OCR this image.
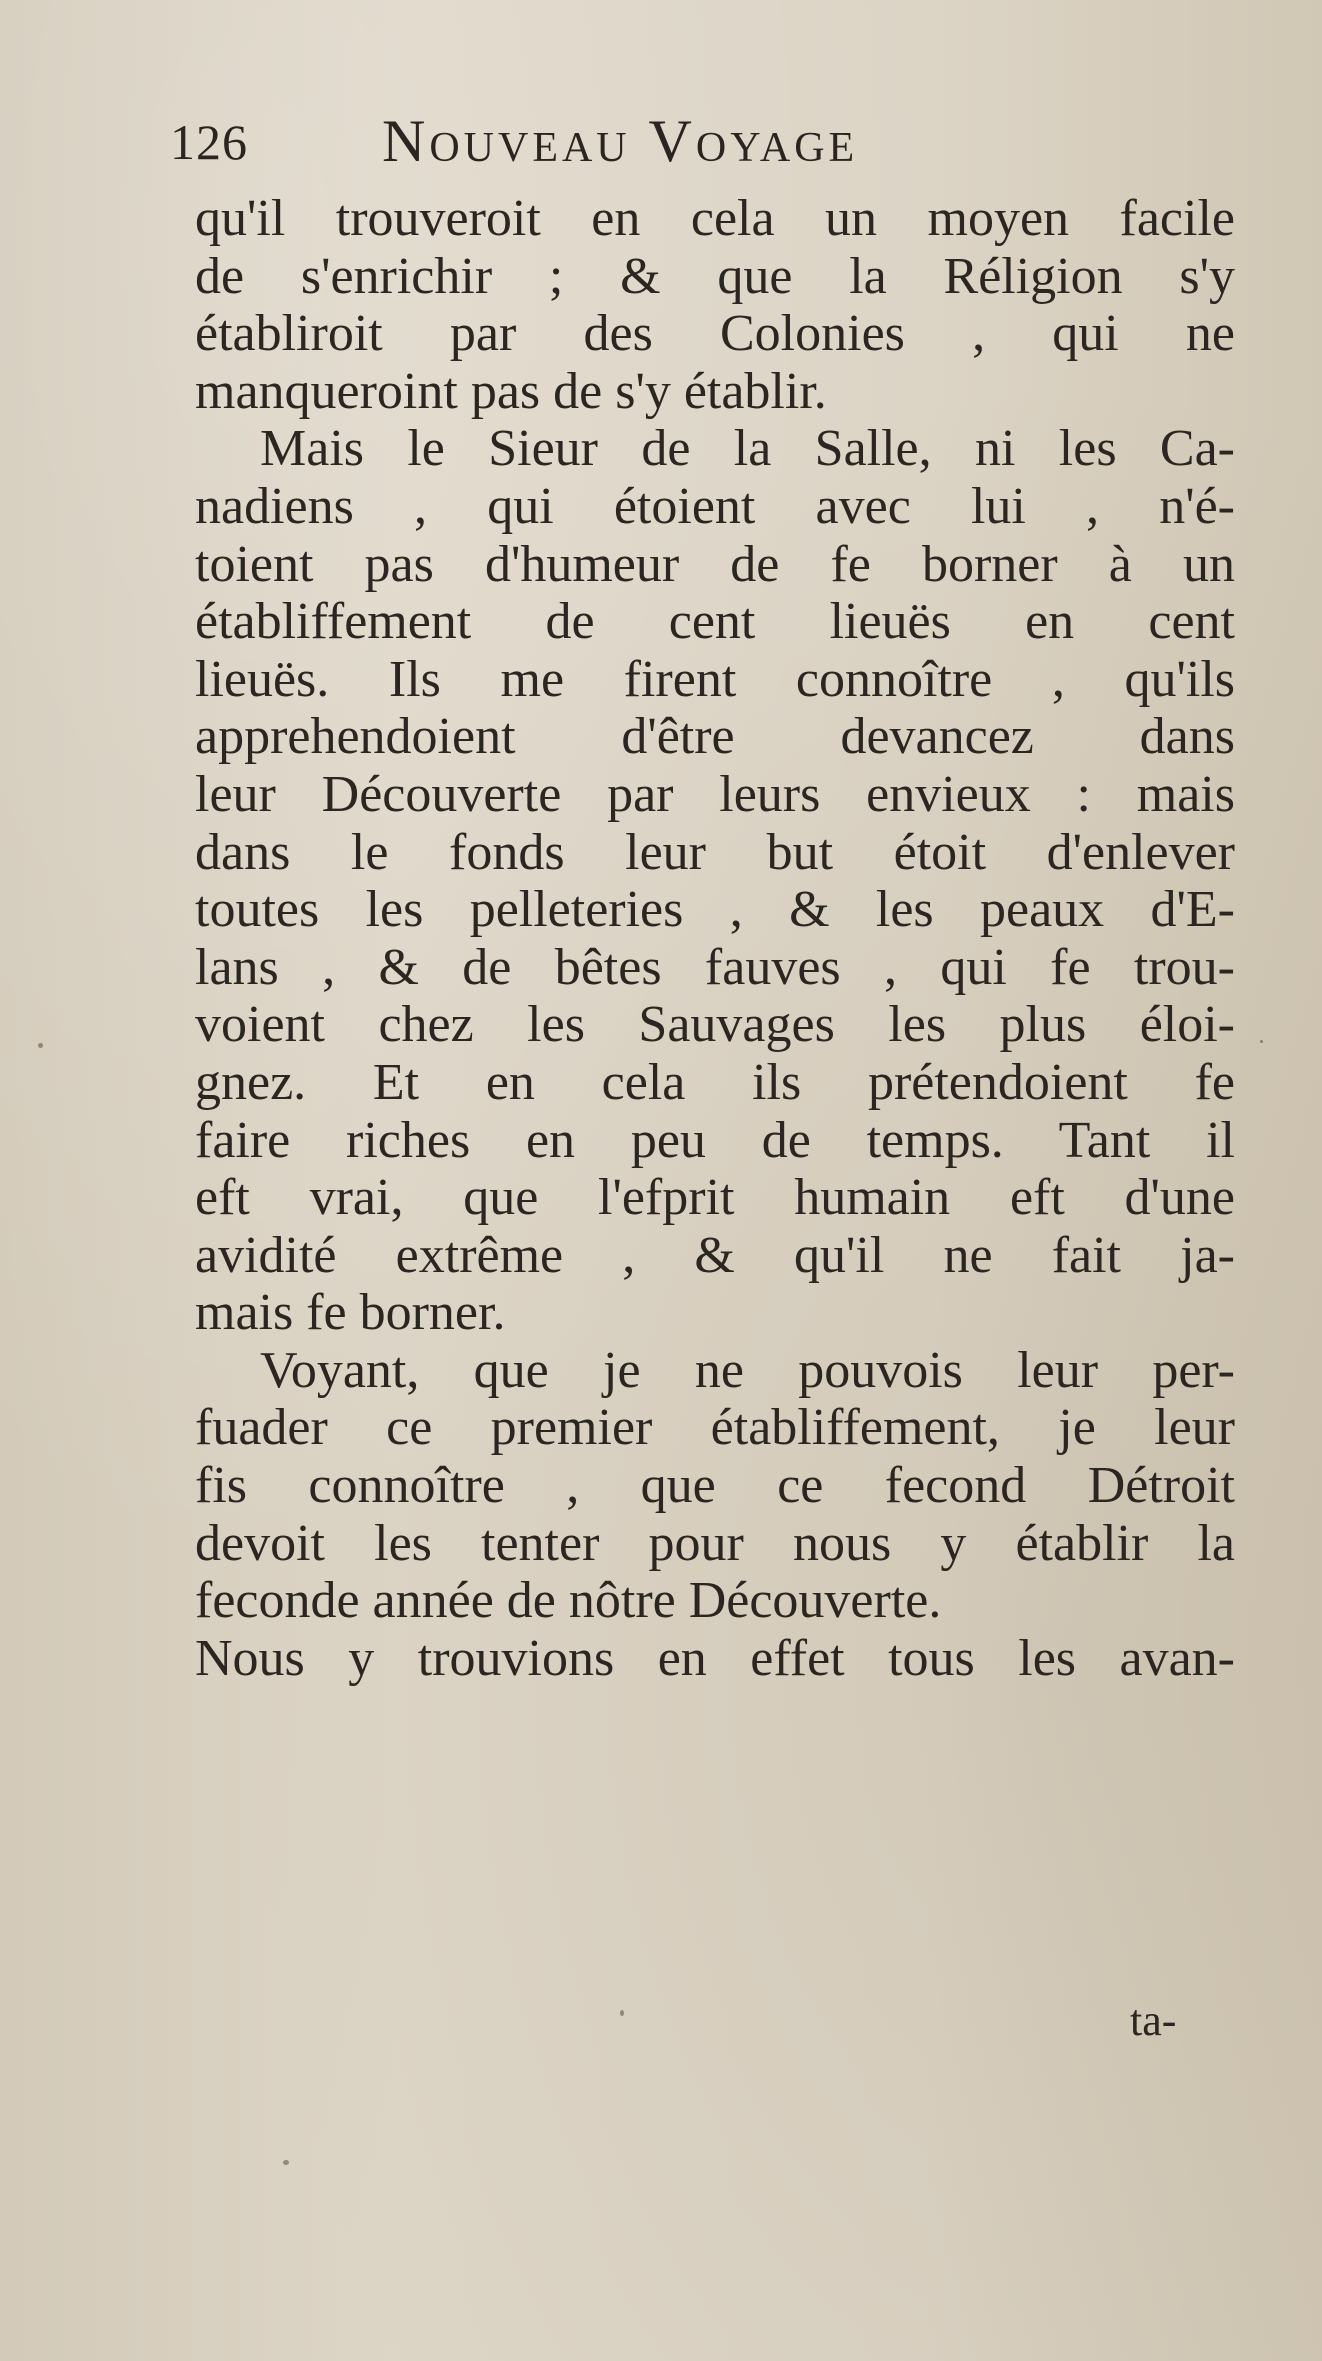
126 Nouveau Voyage
qu'il trouveroit en cela un moyen facile
de s'enrichir ; & que la Réligion s'y
établiroit par des Colonies , qui ne
manqueroint pas de s'y établir.
Mais le Sieur de la Salle, ni les Ca-
nadiens , qui étoient avec lui , n'é-
toient pas d'humeur de fe borner à un
établiffement de cent lieuës en cent
lieuës. Ils me firent connoître , qu'ils
apprehendoient d'être devancez dans
leur Découverte par leurs envieux : mais
dans le fonds leur but étoit d'enlever
toutes les pelleteries , & les peaux d'E-
lans , & de bêtes fauves , qui fe trou-
voient chez les Sauvages les plus éloi-
gnez. Et en cela ils prétendoient fe
faire riches en peu de temps. Tant il
eft vrai, que l'efprit humain eft d'une
avidité extrême , & qu'il ne fait ja-
mais fe borner.
Voyant, que je ne pouvois leur per-
fuader ce premier établiffement, je leur
fis connoître , que ce fecond Détroit
devoit les tenter pour nous y établir la
feconde année de nôtre Découverte.
Nous y trouvions en effet tous les avan-
ta-
